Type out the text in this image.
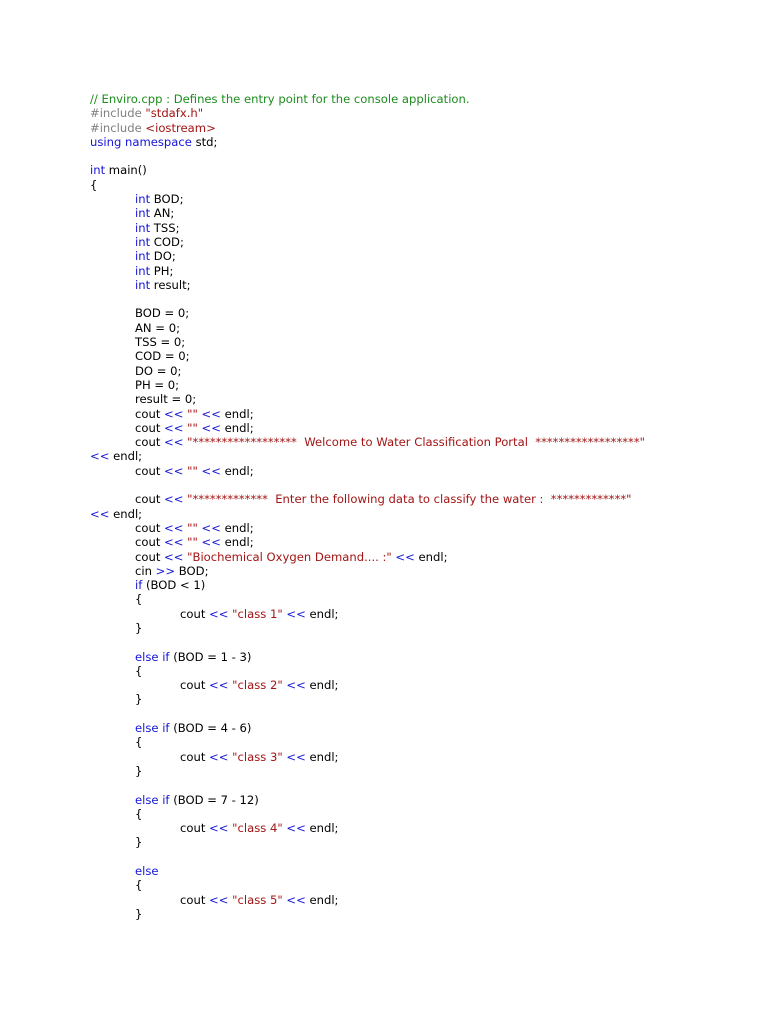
// Enviro.cpp : Defines the entry point for the console application.
#include "stdafx.h"
#include <iostream>
using namespace std;

int main()
{
int BOD;
int AN;
int TSS;
int COD;
int DO;
int PH;
int result;

BOD = 0;
AN = 0;
TSS = 0;
COD = 0;
DO = 0;
PH = 0;
result = 0;
cout << "" << endl;
cout << "" << endl;
cout << "******************  Welcome to Water Classification Portal  ******************"
<< endl;
cout << "" << endl;

cout << "*************  Enter the following data to classify the water :  *************"
<< endl;
cout << "" << endl;
cout << "" << endl;
cout << "Biochemical Oxygen Demand.... :" << endl;
cin >> BOD;
if (BOD < 1)
{
cout << "class 1" << endl;
}

else if (BOD = 1 - 3)
{
cout << "class 2" << endl;
}

else if (BOD = 4 - 6)
{
cout << "class 3" << endl;
}

else if (BOD = 7 - 12)
{
cout << "class 4" << endl;
}

else
{
cout << "class 5" << endl;
}
